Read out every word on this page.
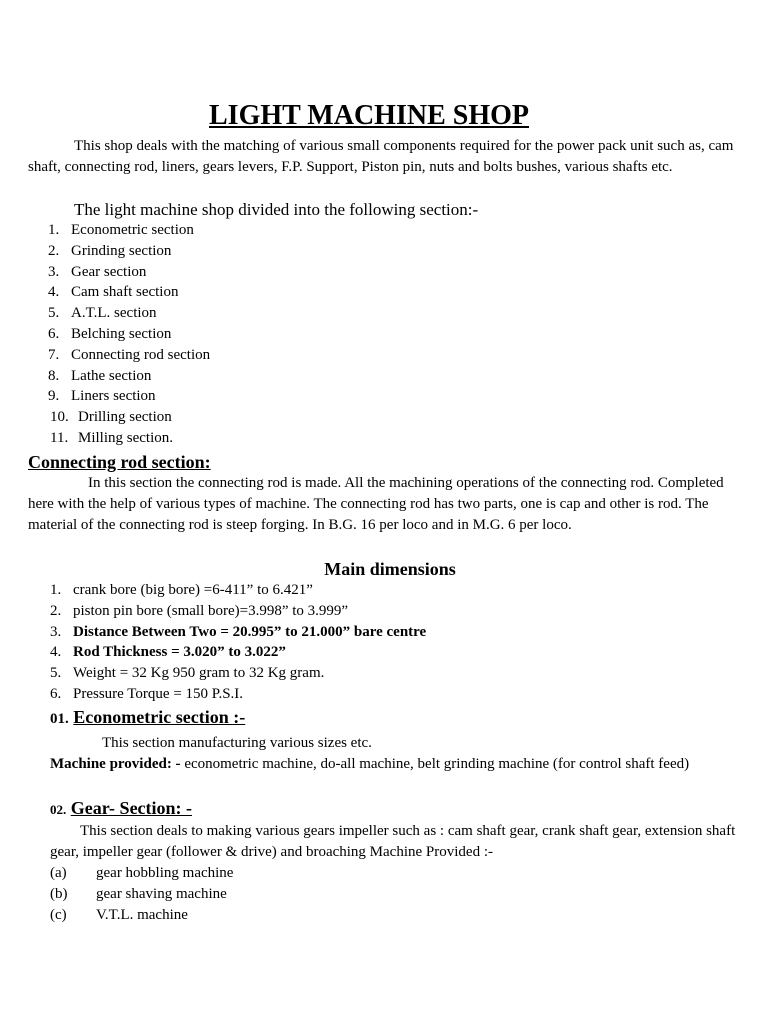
LIGHT MACHINE SHOP
This shop deals with the matching of various small components required for the power pack unit such as, cam shaft, connecting rod, liners, gears levers, F.P. Support, Piston pin, nuts and bolts bushes, various shafts etc.
The light machine shop divided into the following section:-
1. Econometric section
2. Grinding section
3. Gear section
4. Cam shaft section
5. A.T.L. section
6. Belching section
7. Connecting rod section
8. Lathe section
9. Liners section
10. Drilling section
11. Milling section.
Connecting rod section:
In this section the connecting rod is made. All the machining operations of the connecting rod. Completed here with the help of various types of machine. The connecting rod has two parts, one is cap and other is rod. The material of the connecting rod is steep forging. In B.G. 16 per loco and in M.G. 6 per loco.
Main dimensions
1. crank bore (big bore) =6-411” to 6.421”
2. piston pin bore (small bore)=3.998” to 3.999”
3. Distance Between Two = 20.995” to 21.000” bare centre
4. Rod Thickness = 3.020” to 3.022”
5. Weight = 32 Kg 950 gram to 32 Kg gram.
6. Pressure Torque = 150 P.S.I.
01. Econometric section :-
This section manufacturing various sizes etc.
Machine provided: - econometric machine, do-all machine, belt grinding machine (for control shaft feed)
02. Gear- Section: -
This section deals to making various gears impeller such as : cam shaft gear, crank shaft gear, extension shaft gear, impeller gear (follower & drive) and broaching Machine Provided :-
(a) gear hobbling machine
(b) gear shaving machine
(c) V.T.L. machine
